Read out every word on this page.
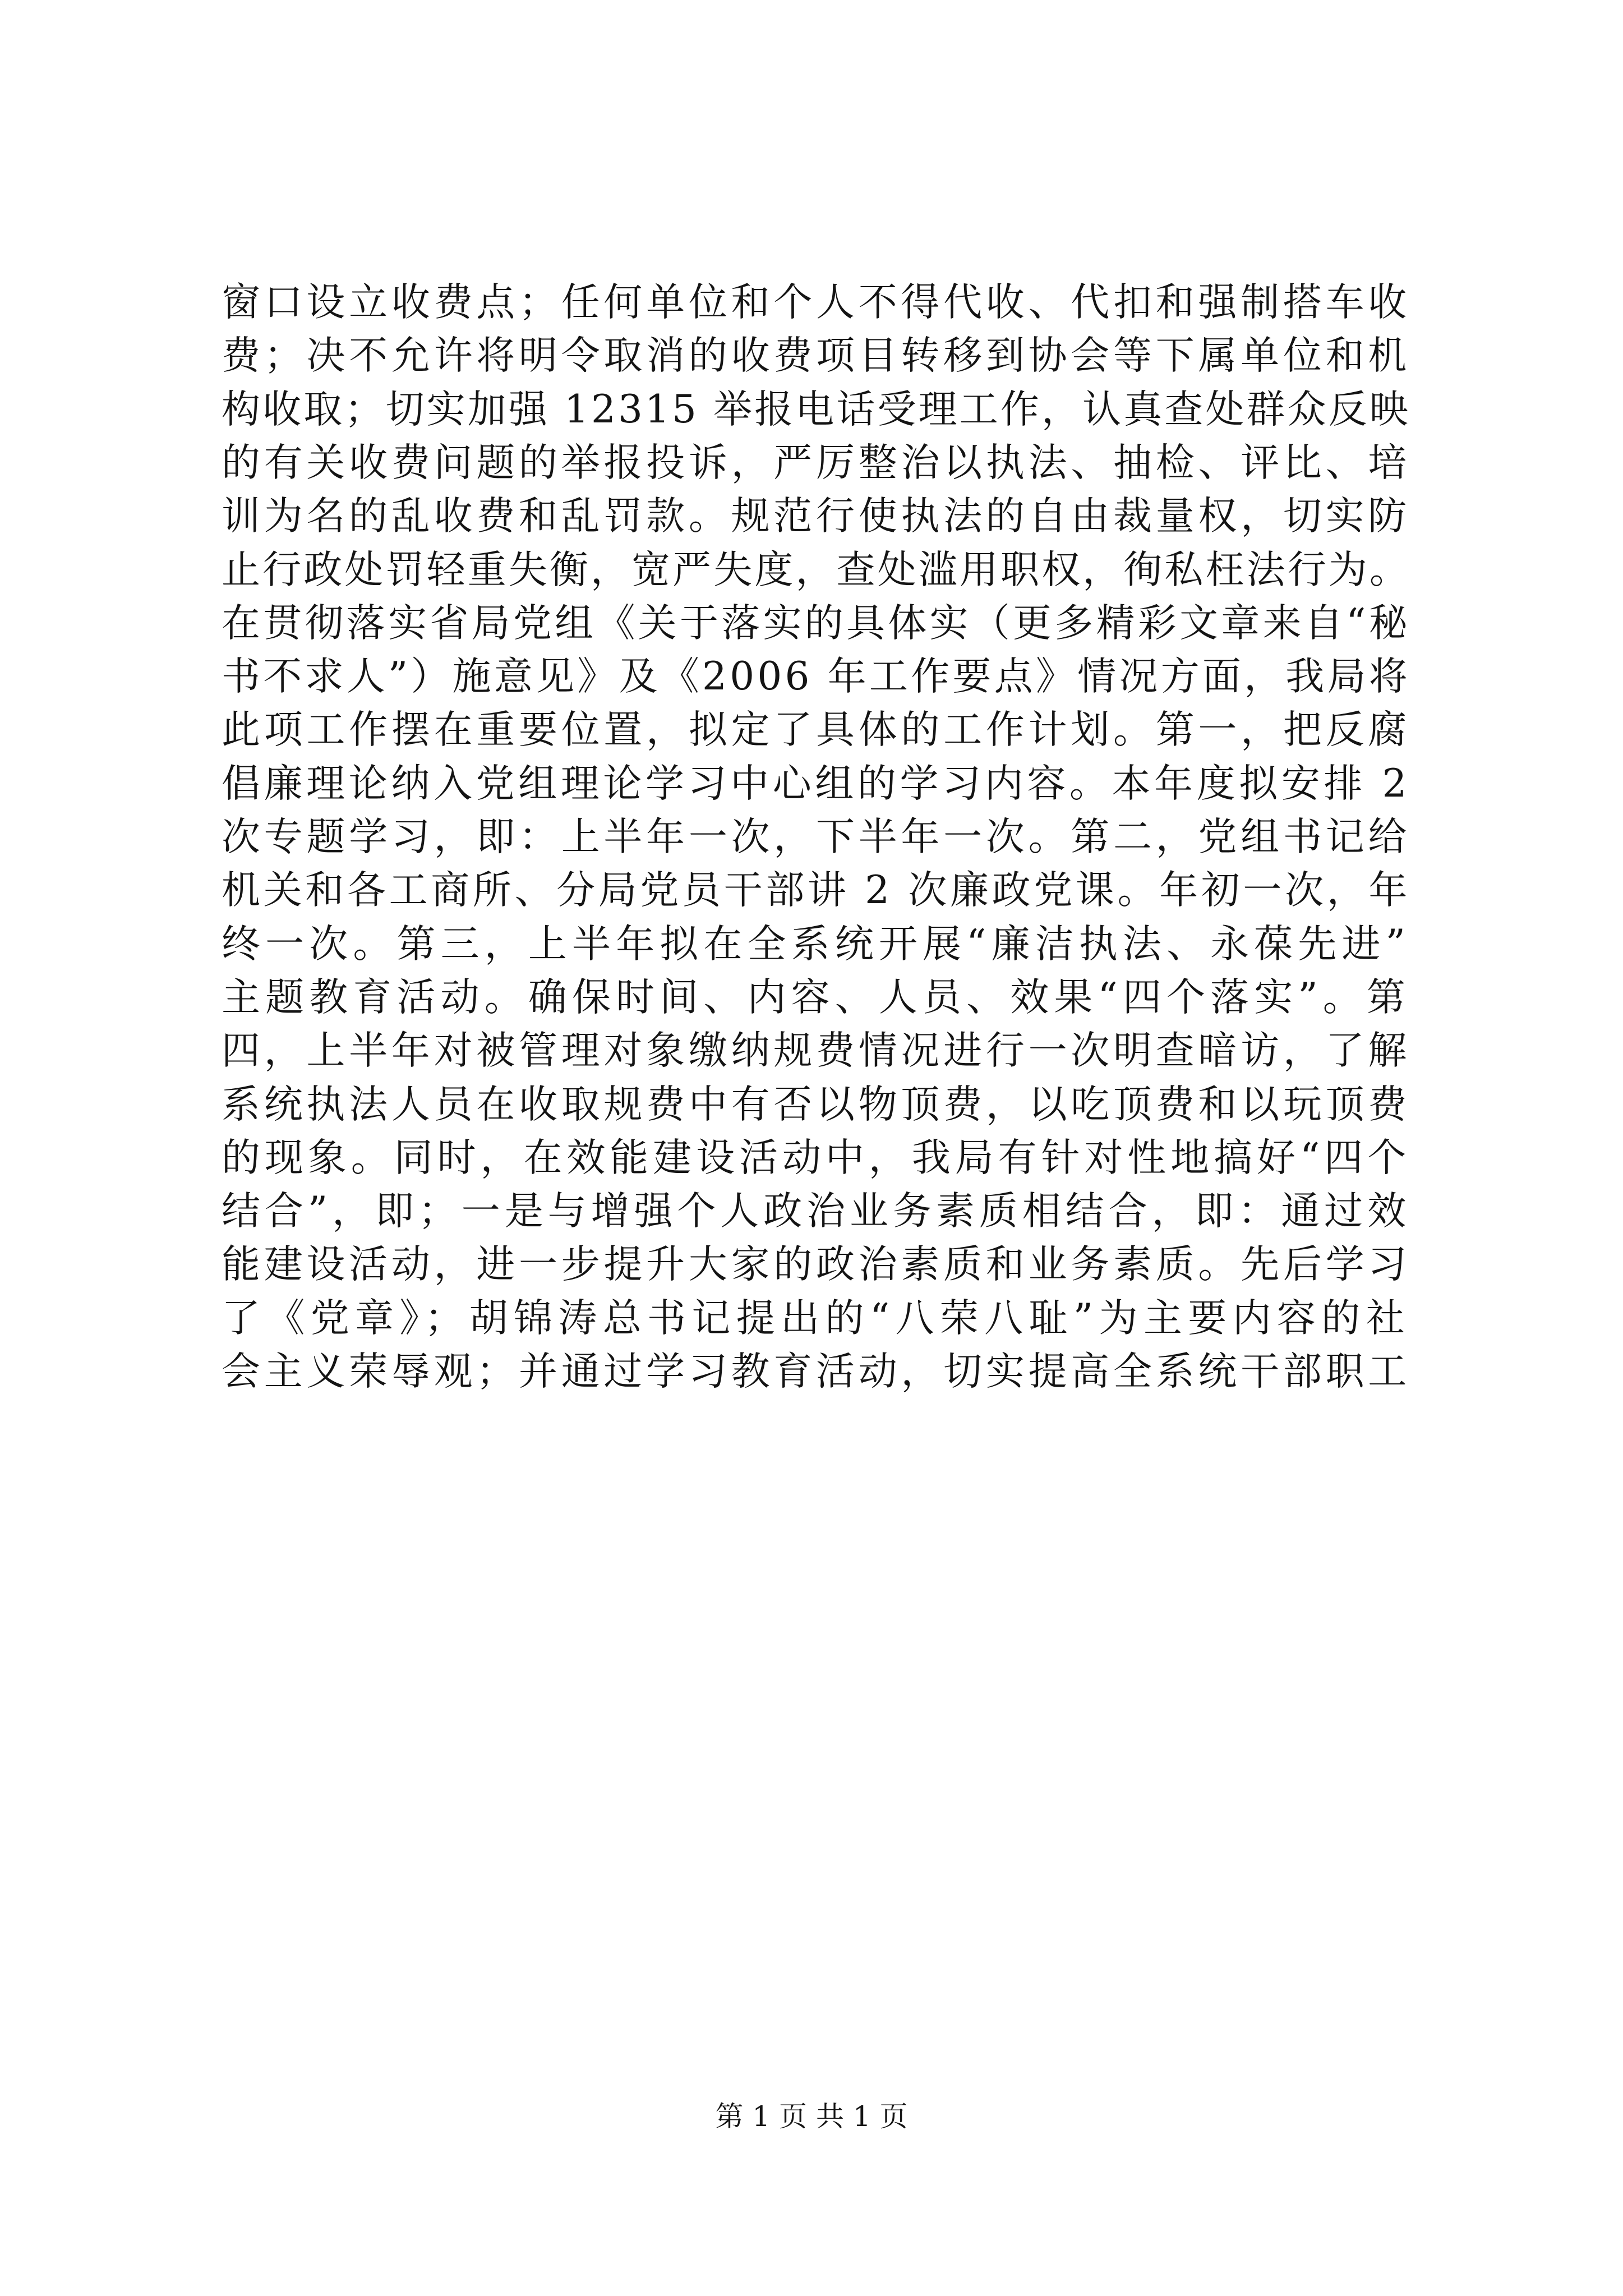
窗口设立收费点；任何单位和个人不得代收、代扣和强制搭车收
费；决不允许将明令取消的收费项目转移到协会等下属单位和机
构收取；切实加强 12315 举报电话受理工作，认真查处群众反映
的有关收费问题的举报投诉，严厉整治以执法、抽检、评比、培
训为名的乱收费和乱罚款。规范行使执法的自由裁量权，切实防
止行政处罚轻重失衡，宽严失度，查处滥用职权，徇私枉法行为。
在贯彻落实省局党组《关于落实的具体实（更多精彩文章来自“秘
书不求人”）施意见》及《2006 年工作要点》情况方面，我局将
此项工作摆在重要位置，拟定了具体的工作计划。第一，把反腐
倡廉理论纳入党组理论学习中心组的学习内容。本年度拟安排 2
次专题学习，即：上半年一次，下半年一次。第二，党组书记给
机关和各工商所、分局党员干部讲 2 次廉政党课。年初一次，年
终一次。第三，上半年拟在全系统开展“廉洁执法、永葆先进”
主题教育活动。确保时间、内容、人员、效果“四个落实”。第
四，上半年对被管理对象缴纳规费情况进行一次明查暗访，了解
系统执法人员在收取规费中有否以物顶费，以吃顶费和以玩顶费
的现象。同时，在效能建设活动中，我局有针对性地搞好“四个
结合”，即；一是与增强个人政治业务素质相结合，即：通过效
能建设活动，进一步提升大家的政治素质和业务素质。先后学习
了《党章》；胡锦涛总书记提出的“八荣八耻”为主要内容的社
会主义荣辱观；并通过学习教育活动，切实提高全系统干部职工
第 1 页 共 1 页
